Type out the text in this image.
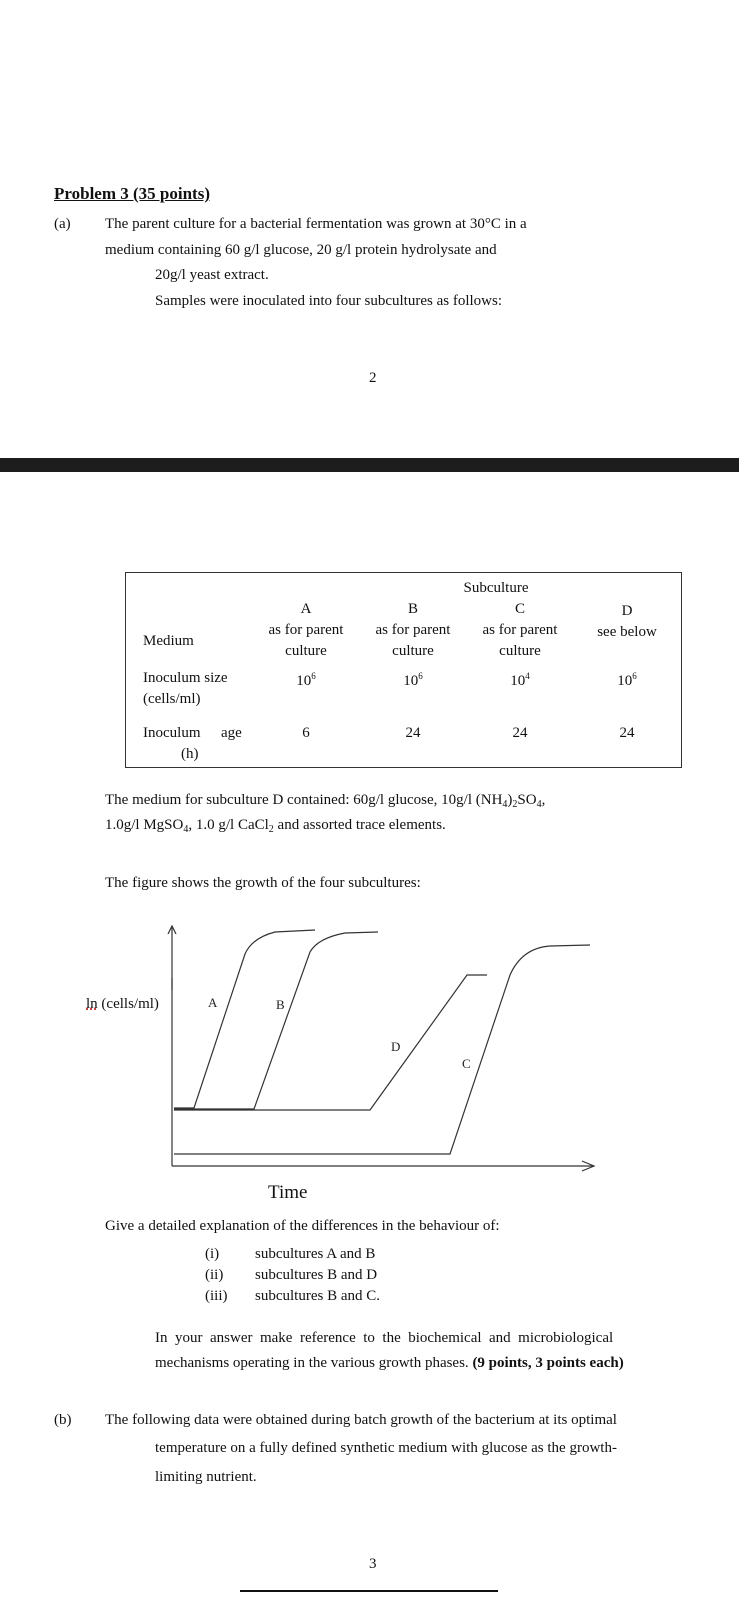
Problem 3 (35 points)
(a) The parent culture for a bacterial fermentation was grown at 30°C in a
medium containing 60 g/l glucose, 20 g/l protein hydrolysate and
20g/l yeast extract.
Samples were inoculated into four subcultures as follows:
2
Subculture
Medium
Inoculum size
(cells/ml)
Inoculum age
(h)
A
as for parent
culture
$10^6$
6
B
as for parent
culture
$10^6$
24
C
as for parent
culture
$10^4$
24
D
see below
$10^6$
24
The medium for subculture D contained: 60g/l glucose, 10g/l $(NH_4)_2SO_4$,
1.0g/l MgSO$_4$, 1.0 g/l CaCl$_2$ and assorted trace elements.
The figure shows the growth of the four subcultures:
A	B
D
C
ln (cells/ml)
Time
Give a detailed explanation of the differences in the behaviour of:
(i) subcultures A and B
(ii) subcultures B and D
(iii) subcultures B and C.
In  your  answer  make  reference  to  the  biochemical  and  microbiological
mechanisms operating in the various growth phases. (9 points, 3 points each)
(b) The following data were obtained during batch growth of the bacterium at its optimal
temperature on a fully defined synthetic medium with glucose as the growth-
limiting nutrient.
3
